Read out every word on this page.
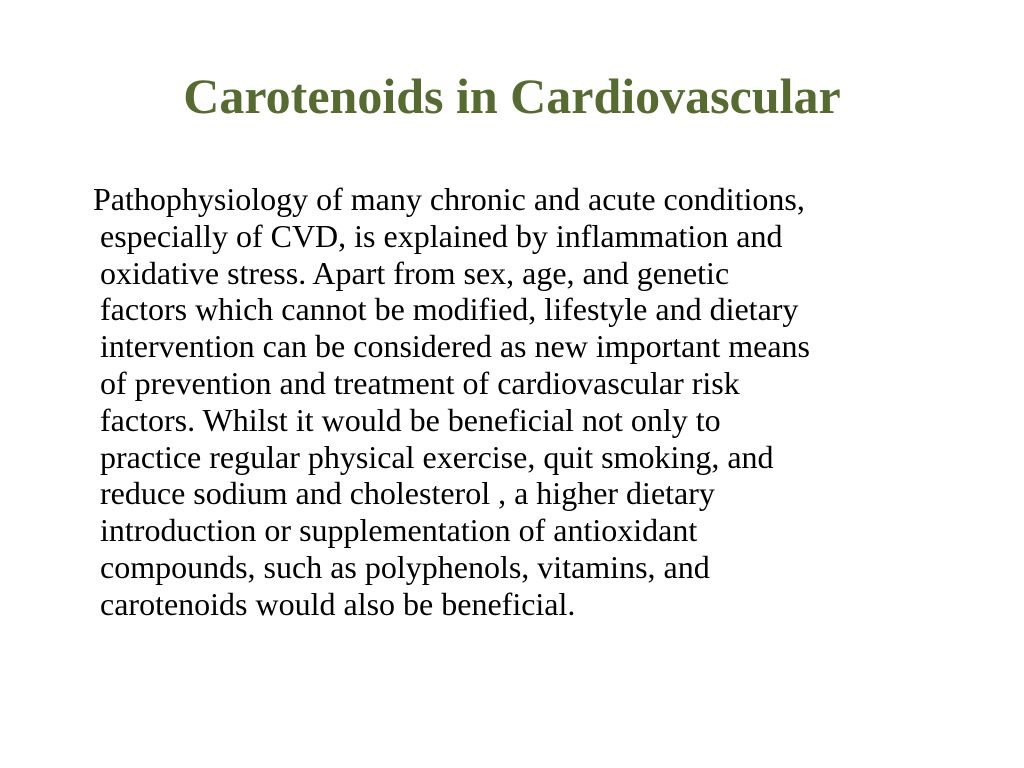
Carotenoids in Cardiovascular
Pathophysiology of many chronic and acute conditions,
especially of CVD, is explained by inflammation and
oxidative stress. Apart from sex, age, and genetic
factors which cannot be modified, lifestyle and dietary
intervention can be considered as new important means
of prevention and treatment of cardiovascular risk
factors. Whilst it would be beneficial not only to
practice regular physical exercise, quit smoking, and
reduce sodium and cholesterol , a higher dietary
introduction or supplementation of antioxidant
compounds, such as polyphenols, vitamins, and
carotenoids would also be beneficial.
